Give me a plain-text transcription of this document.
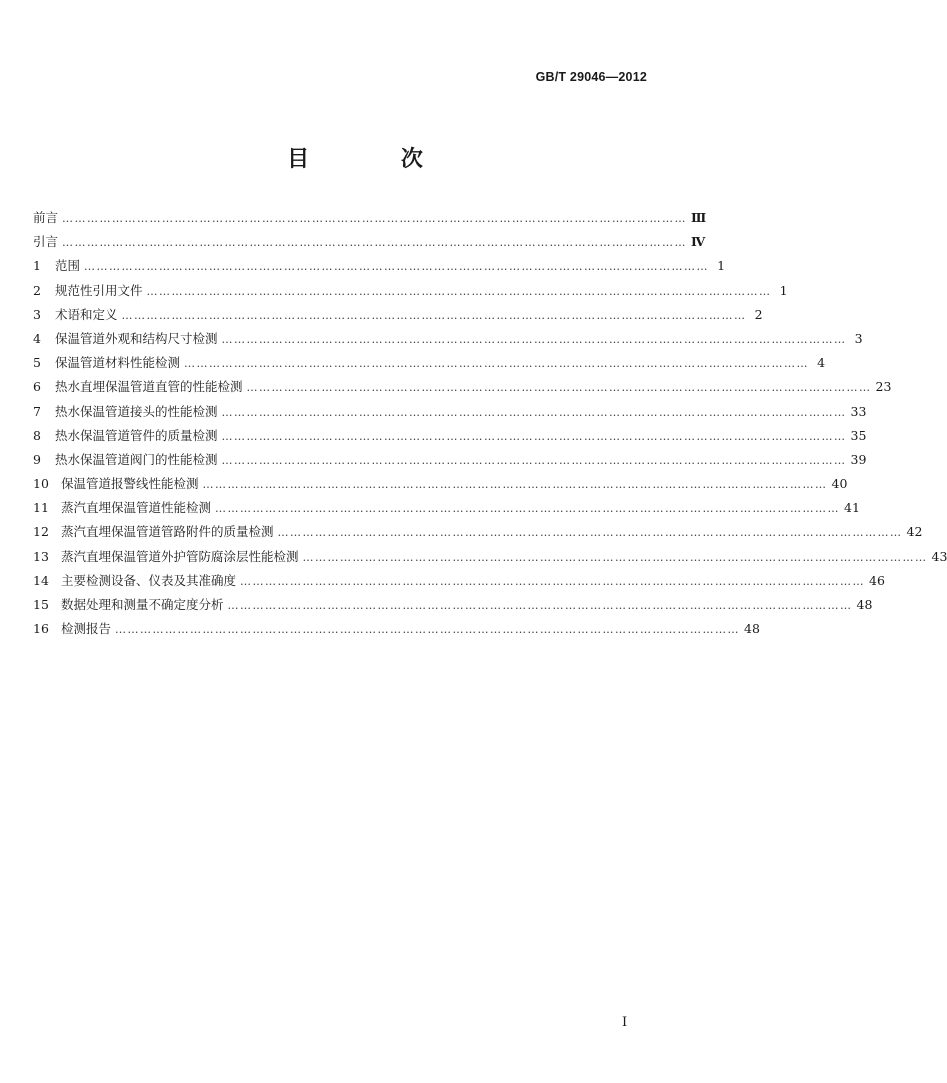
GB/T 29046—2012
目 次
前言 …………………………………………………………………………………………………………………………………… Ⅲ
引言 …………………………………………………………………………………………………………………………………… Ⅳ
1	范围 …………………………………………………………………………………………………………………………………… 1
2	规范性引用文件 …………………………………………………………………………………………………………………………………… 1
3	术语和定义 …………………………………………………………………………………………………………………………………… 2
4	保温管道外观和结构尺寸检测 …………………………………………………………………………………………………………………………………… 3
5	保温管道材料性能检测 …………………………………………………………………………………………………………………………………… 4
6	热水直埋保温管道直管的性能检测 …………………………………………………………………………………………………………………………………… 23
7	热水保温管道接头的性能检测 …………………………………………………………………………………………………………………………………… 33
8	热水保温管道管件的质量检测 …………………………………………………………………………………………………………………………………… 35
9	热水保温管道阀门的性能检测 …………………………………………………………………………………………………………………………………… 39
10 保温管道报警线性能检测 …………………………………………………………………………………………………………………………………… 40
11 蒸汽直埋保温管道性能检测 …………………………………………………………………………………………………………………………………… 41
12 蒸汽直埋保温管道管路附件的质量检测 …………………………………………………………………………………………………………………………………… 42
13 蒸汽直埋保温管道外护管防腐涂层性能检测 …………………………………………………………………………………………………………………………………… 43
14 主要检测设备、仪表及其准确度 …………………………………………………………………………………………………………………………………… 46
15 数据处理和测量不确定度分析 …………………………………………………………………………………………………………………………………… 48
16 检测报告 …………………………………………………………………………………………………………………………………… 48
I
